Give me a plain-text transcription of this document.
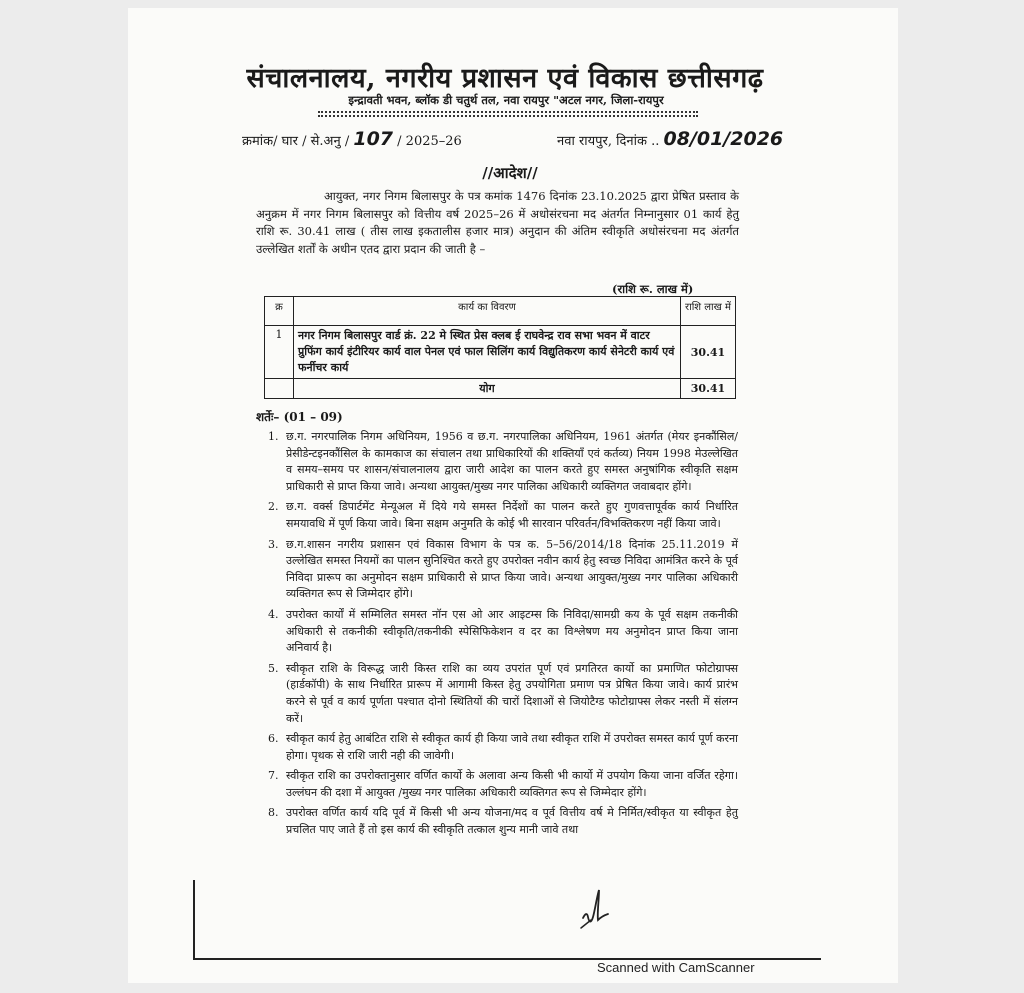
संचालनालय, नगरीय प्रशासन एवं विकास छत्तीसगढ़
इन्द्रावती भवन, ब्लॉक डी चतुर्थ तल, नवा रायपुर "अटल नगर, जिला-रायपुर
क्रमांक/ घार / से.अनु / 107 / 2025–26	नवा रायपुर, दिनांक .. 08/01/2026
//आदेश//

आयुक्त, नगर निगम बिलासपुर के पत्र कमांक 1476 दिनांक 23.10.2025 द्वारा प्रेषित प्रस्ताव के अनुक्रम में नगर निगम बिलासपुर को वित्तीय वर्ष 2025–26 में अधोसंरचना मद अंतर्गत निम्नानुसार 01 कार्य हेतु राशि रू. 30.41 लाख ( तीस लाख इकतालीस हजार मात्र) अनुदान की अंतिम स्वीकृति अधोसंरचना मद अंतर्गत उल्लेखित शर्तों के अधीन एतद द्वारा प्रदान की जाती है –

(राशि रू. लाख में)
क्र	कार्य का विवरण	राशि लाख में
1	नगर निगम बिलासपुर वार्ड क्रं. 22 मे स्थित प्रेस क्लब ई राघवेन्द्र राव सभा भवन में वाटर प्रुफिंग कार्य इंटीरियर कार्य वाल पेनल एवं फाल सिलिंग कार्य विद्युतिकरण कार्य सेनेटरी कार्य एवं फर्नीचर कार्य	30.41
	योग	30.41
शर्तेः– (01 – 09)
1. छ.ग. नगरपालिक निगम अधिनियम, 1956 व छ.ग. नगरपालिका अधिनियम, 1961 अंतर्गत (मेयर इनकौंसिल/प्रेसीडेन्टइनकौंसिल के कामकाज का संचालन तथा प्राधिकारियों की शक्तियाँ एवं कर्तव्य) नियम 1998 मेउल्लेखित व समय–समय पर शासन/संचालनालय द्वारा जारी आदेश का पालन करते हुए समस्त अनुषांगिक स्वीकृति सक्षम प्राधिकारी से प्राप्त किया जावे। अन्यथा आयुक्त/मुख्य नगर पालिका अधिकारी व्यक्तिगत जवाबदार होंगे।
2. छ.ग. वर्क्स डिपार्टमेंट मेन्यूअल में दिये गये समस्त निर्देशों का पालन करते हुए गुणवत्तापूर्वक कार्य निर्धारित समयावधि में पूर्ण किया जावे। बिना सक्षम अनुमति के कोई भी सारवान परिवर्तन/विभक्तिकरण नहीं किया जावे।
3. छ.ग.शासन नगरीय प्रशासन एवं विकास विभाग के पत्र क. 5–56/2014/18 दिनांक 25.11.2019 में उल्लेखित समस्त नियमों का पालन सुनिश्चित करते हुए उपरोक्त नवीन कार्य हेतु स्वच्छ निविदा आमंत्रित करने के पूर्व निविदा प्रारूप का अनुमोदन सक्षम प्राधिकारी से प्राप्त किया जावे। अन्यथा आयुक्त/मुख्य नगर पालिका अधिकारी व्यक्तिगत रूप से जिम्मेदार होंगे।
4. उपरोक्त कार्यों में सम्मिलित समस्त नॉन एस ओ आर आइटम्स कि निविदा/सामग्री कय के पूर्व सक्षम तकनीकी अधिकारी से तकनीकी स्वीकृति/तकनीकी स्पेसिफिकेशन व दर का विश्लेषण मय अनुमोदन प्राप्त किया जाना अनिवार्य है।
5. स्वीकृत राशि के विरूद्ध जारी किस्त राशि का व्यय उपरांत पूर्ण एवं प्रगतिरत कार्यो का प्रमाणित फोटोग्राफ्स (हार्डकॉपी) के साथ निर्धारित प्रारूप में आगामी किस्त हेतु उपयोगिता प्रमाण पत्र प्रेषित किया जावे। कार्य प्रारंभ करने से पूर्व व कार्य पूर्णता पश्चात दोनो स्थितियों की चारों दिशाओं से जियोटैग्ड फोटोग्राफ्स लेकर नस्ती में संलग्न करें।
6. स्वीकृत कार्य हेतु आबंटित राशि से स्वीकृत कार्य ही किया जावे तथा स्वीकृत राशि में उपरोक्त समस्त कार्य पूर्ण करना होगा। पृथक से राशि जारी नही की जावेगी।
7. स्वीकृत राशि का उपरोक्तानुसार वर्णित कार्यो के अलावा अन्य किसी भी कार्यो में उपयोग किया जाना वर्जित रहेगा। उल्लंघन की दशा में आयुक्त /मुख्य नगर पालिका अधिकारी व्यक्तिगत रूप से जिम्मेदार होंगे।
8. उपरोक्त वर्णित कार्य यदि पूर्व में किसी भी अन्य योजना/मद व पूर्व वित्तीय वर्ष मे निर्मित/स्वीकृत या स्वीकृत हेतु प्रचलित पाए जाते हैं तो इस कार्य की स्वीकृति तत्काल शुन्य मानी जावे तथा
Scanned with CamScanner
